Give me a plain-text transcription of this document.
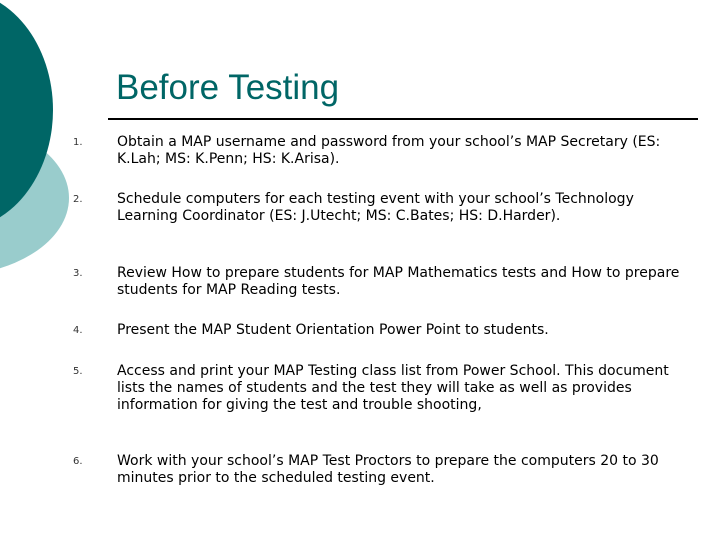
Before Testing
1. Obtain a MAP username and password from your school’s MAP Secretary (ES: K.Lah; MS: K.Penn; HS: K.Arisa).
2. Schedule computers for each testing event with your school’s Technology Learning Coordinator (ES: J.Utecht; MS: C.Bates; HS: D.Harder).
3. Review How to prepare students for MAP Mathematics tests and How to prepare students for MAP Reading tests.
4. Present the MAP Student Orientation Power Point to students.
5. Access and print your MAP Testing class list from Power School. This document lists the names of students and the test they will take as well as provides information for giving the test and trouble shooting,
6. Work with your school’s MAP Test Proctors to prepare the computers 20 to 30 minutes prior to the scheduled testing event.
